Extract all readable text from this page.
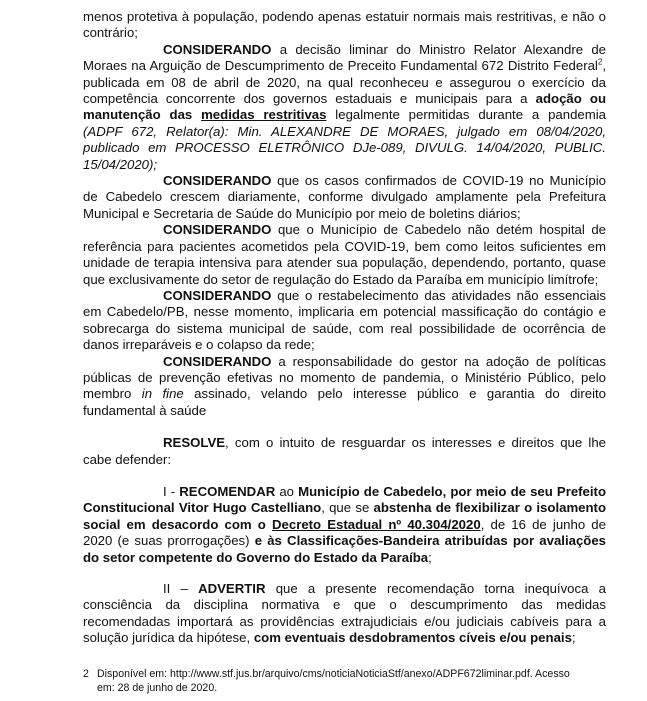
menos protetiva à população, podendo apenas estatuir normais mais restritivas, e não o contrário;

CONSIDERANDO a decisão liminar do Ministro Relator Alexandre de Moraes na Arguição de Descumprimento de Preceito Fundamental 672 Distrito Federal$^2$, publicada em 08 de abril de 2020, na qual reconheceu e assegurou o exercício da competência concorrente dos governos estaduais e municipais para a adoção ou manutenção das medidas restritivas legalmente permitidas durante a pandemia (ADPF 672, Relator(a): Min. ALEXANDRE DE MORAES, julgado em 08/04/2020, publicado em PROCESSO ELETRÔNICO DJe-089, DIVULG. 14/04/2020, PUBLIC. 15/04/2020);

CONSIDERANDO que os casos confirmados de COVID-19 no Município de Cabedelo crescem diariamente, conforme divulgado amplamente pela Prefeitura Municipal e Secretaria de Saúde do Município por meio de boletins diários;

CONSIDERANDO que o Município de Cabedelo não detém hospital de referência para pacientes acometidos pela COVID-19, bem como leitos suficientes em unidade de terapia intensiva para atender sua população, dependendo, portanto, quase que exclusivamente do setor de regulação do Estado da Paraíba em município limítrofe;

CONSIDERANDO que o restabelecimento das atividades não essenciais em Cabedelo/PB, nesse momento, implicaria em potencial massificação do contágio e sobrecarga do sistema municipal de saúde, com real possibilidade de ocorrência de danos irreparáveis e o colapso da rede;

CONSIDERANDO a responsabilidade do gestor na adoção de políticas públicas de prevenção efetivas no momento de pandemia, o Ministério Público, pelo membro in fine assinado, velando pelo interesse público e garantia do direito fundamental à saúde

RESOLVE, com o intuito de resguardar os interesses e direitos que lhe cabe defender:

I - RECOMENDAR ao Município de Cabedelo, por meio de seu Prefeito Constitucional Vitor Hugo Castelliano, que se abstenha de flexibilizar o isolamento social em desacordo com o Decreto Estadual nº 40.304/2020, de 16 de junho de 2020 (e suas prorrogações) e às Classificações-Bandeira atribuídas por avaliações do setor competente do Governo do Estado da Paraíba;

II – ADVERTIR que a presente recomendação torna inequívoca a consciência da disciplina normativa e que o descumprimento das medidas recomendadas importará as providências extrajudiciais e/ou judiciais cabíveis para a solução jurídica da hipótese, com eventuais desdobramentos cíveis e/ou penais;

2 Disponível em: http://www.stf.jus.br/arquivo/cms/noticiaNoticiaStf/anexo/ADPF672liminar.pdf. Acesso
em: 28 de junho de 2020.
